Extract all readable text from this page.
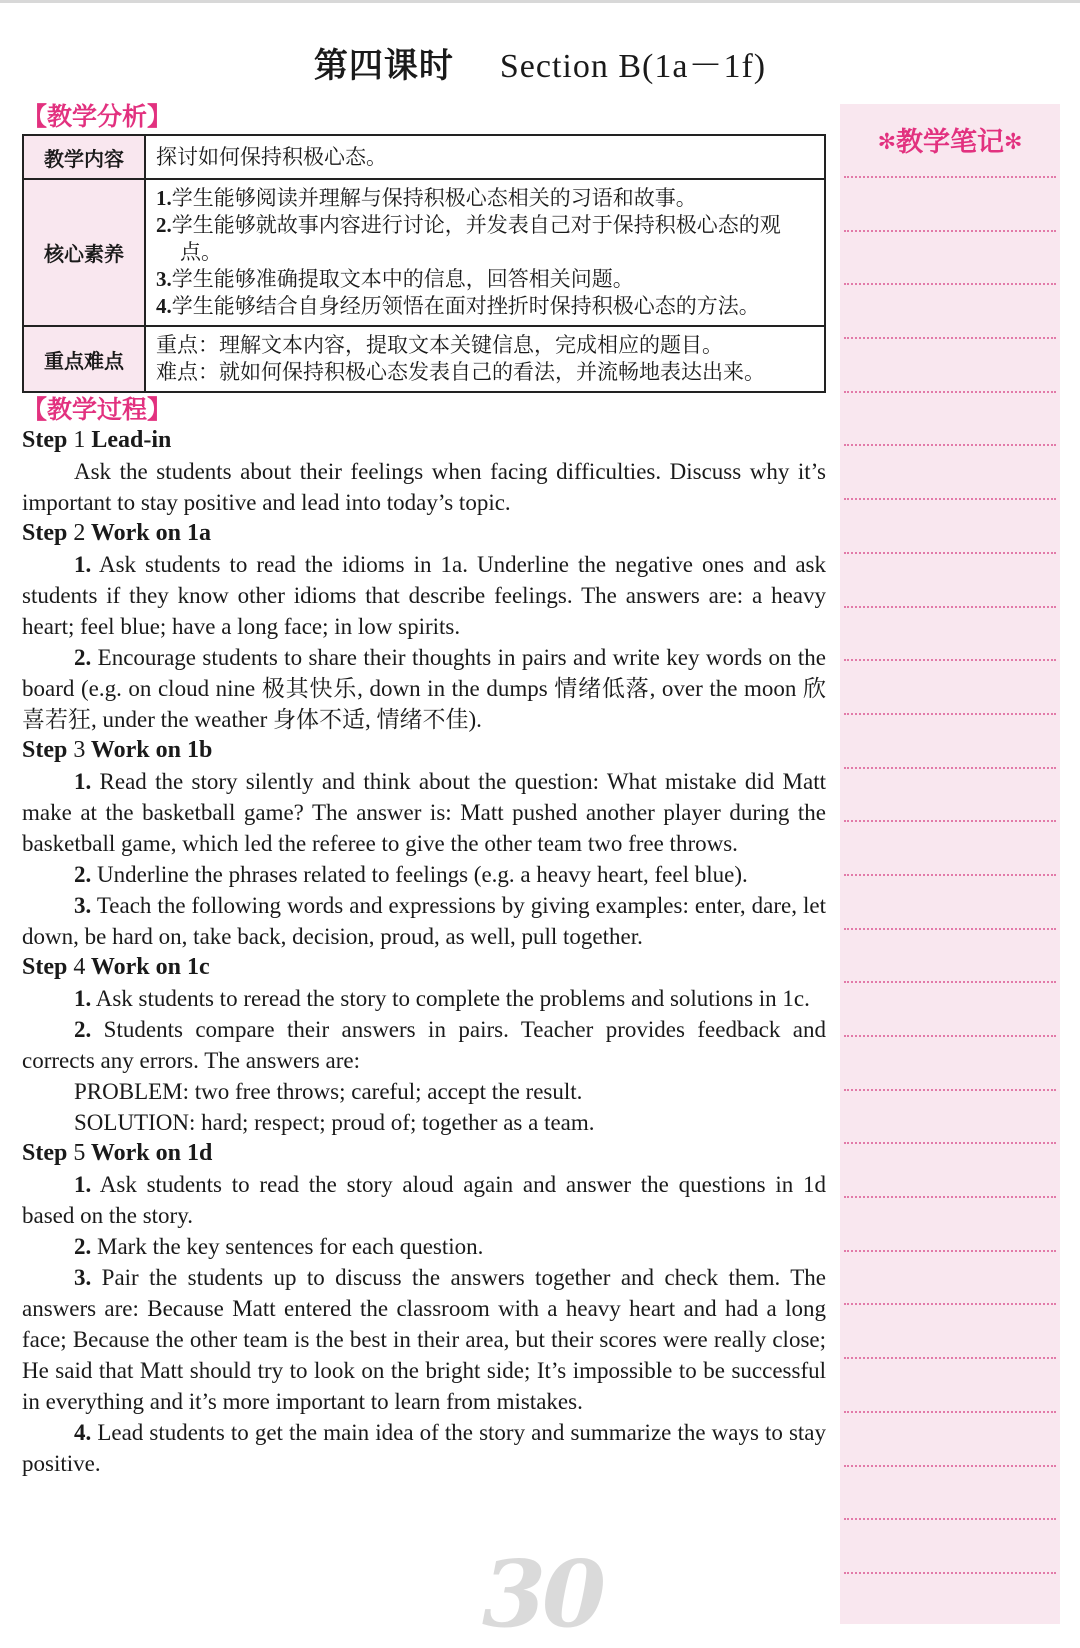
第四课时 Section B(1a－1f)
✻教学笔记✻
【教学分析】
教学内容	探讨如何保持积极心态。
核心素养	1.学生能够阅读并理解与保持积极心态相关的习语和故事。
2.学生能够就故事内容进行讨论，并发表自己对于保持积极心态的观点。
3.学生能够准确提取文本中的信息，回答相关问题。
4.学生能够结合自身经历领悟在面对挫折时保持积极心态的方法。

重点难点	重点：理解文本内容，提取文本关键信息，完成相应的题目。
难点：就如何保持积极心态发表自己的看法，并流畅地表达出来。
【教学过程】
Step 1 Lead-in

Ask the students about their feelings when facing difficulties. Discuss why it’s important to stay positive and lead into today’s topic.

Step 2 Work on 1a

1. Ask students to read the idioms in 1a. Underline the negative ones and ask students if they know other idioms that describe feelings. The answers are: a heavy heart; feel blue; have a long face; in low spirits.

2. Encourage students to share their thoughts in pairs and write key words on the board (e.g. on cloud nine 极其快乐, down in the dumps 情绪低落, over the moon 欣喜若狂, under the weather 身体不适, 情绪不佳).

Step 3 Work on 1b

1. Read the story silently and think about the question: What mistake did Matt make at the basketball game? The answer is: Matt pushed another player during the basketball game, which led the referee to give the other team two free throws.

2. Underline the phrases related to feelings (e.g. a heavy heart, feel blue).

3. Teach the following words and expressions by giving examples: enter, dare, let down, be hard on, take back, decision, proud, as well, pull together.

Step 4 Work on 1c

1. Ask students to reread the story to complete the problems and solutions in 1c.

2. Students compare their answers in pairs. Teacher provides feedback and corrects any errors. The answers are:

PROBLEM: two free throws; careful; accept the result.

SOLUTION: hard; respect; proud of; together as a team.

Step 5 Work on 1d

1. Ask students to read the story aloud again and answer the questions in 1d based on the story.

2. Mark the key sentences for each question.

3. Pair the students up to discuss the answers together and check them. The answers are: Because Matt entered the classroom with a heavy heart and had a long face; Because the other team is the best in their area, but their scores were really close; He said that Matt should try to look on the bright side; It’s impossible to be successful in everything and it’s more important to learn from mistakes.

4. Lead students to get the main idea of the story and summarize the ways to stay positive.

30
